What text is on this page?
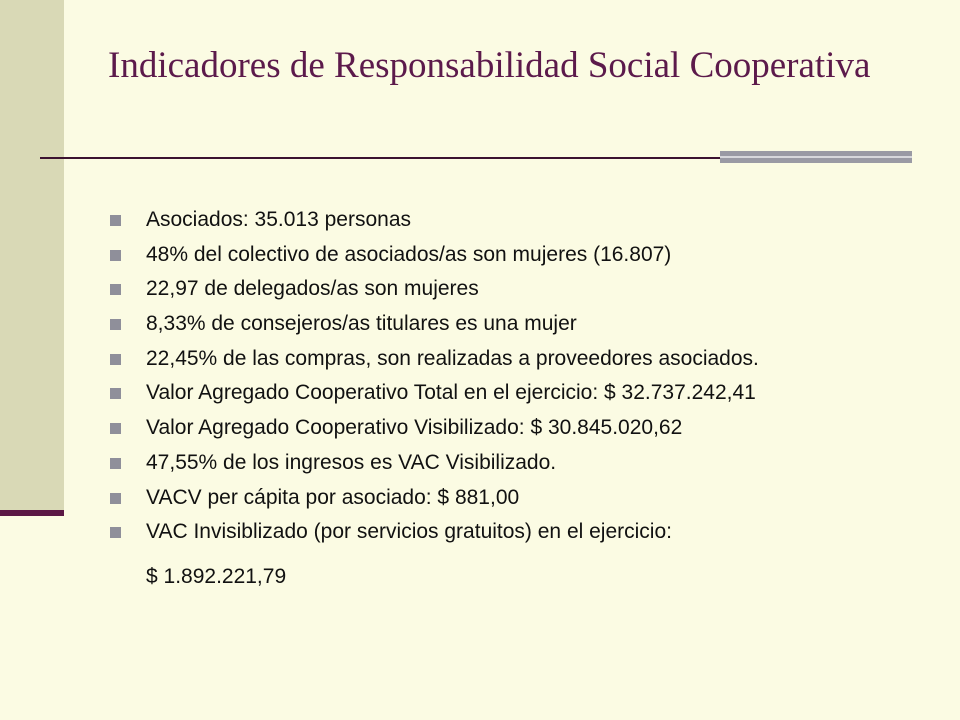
Indicadores de Responsabilidad Social Cooperativa
Asociados: 35.013 personas
48% del colectivo de asociados/as son mujeres (16.807)
22,97 de delegados/as son mujeres
8,33% de consejeros/as titulares es una mujer
22,45% de las compras, son realizadas a proveedores asociados.
Valor Agregado Cooperativo Total en el ejercicio: $ 32.737.242,41
Valor Agregado Cooperativo Visibilizado: $ 30.845.020,62
47,55% de los ingresos es VAC Visibilizado.
VACV per cápita por asociado: $ 881,00
VAC Invisiblizado (por servicios gratuitos) en el ejercicio:

$ 1.892.221,79
